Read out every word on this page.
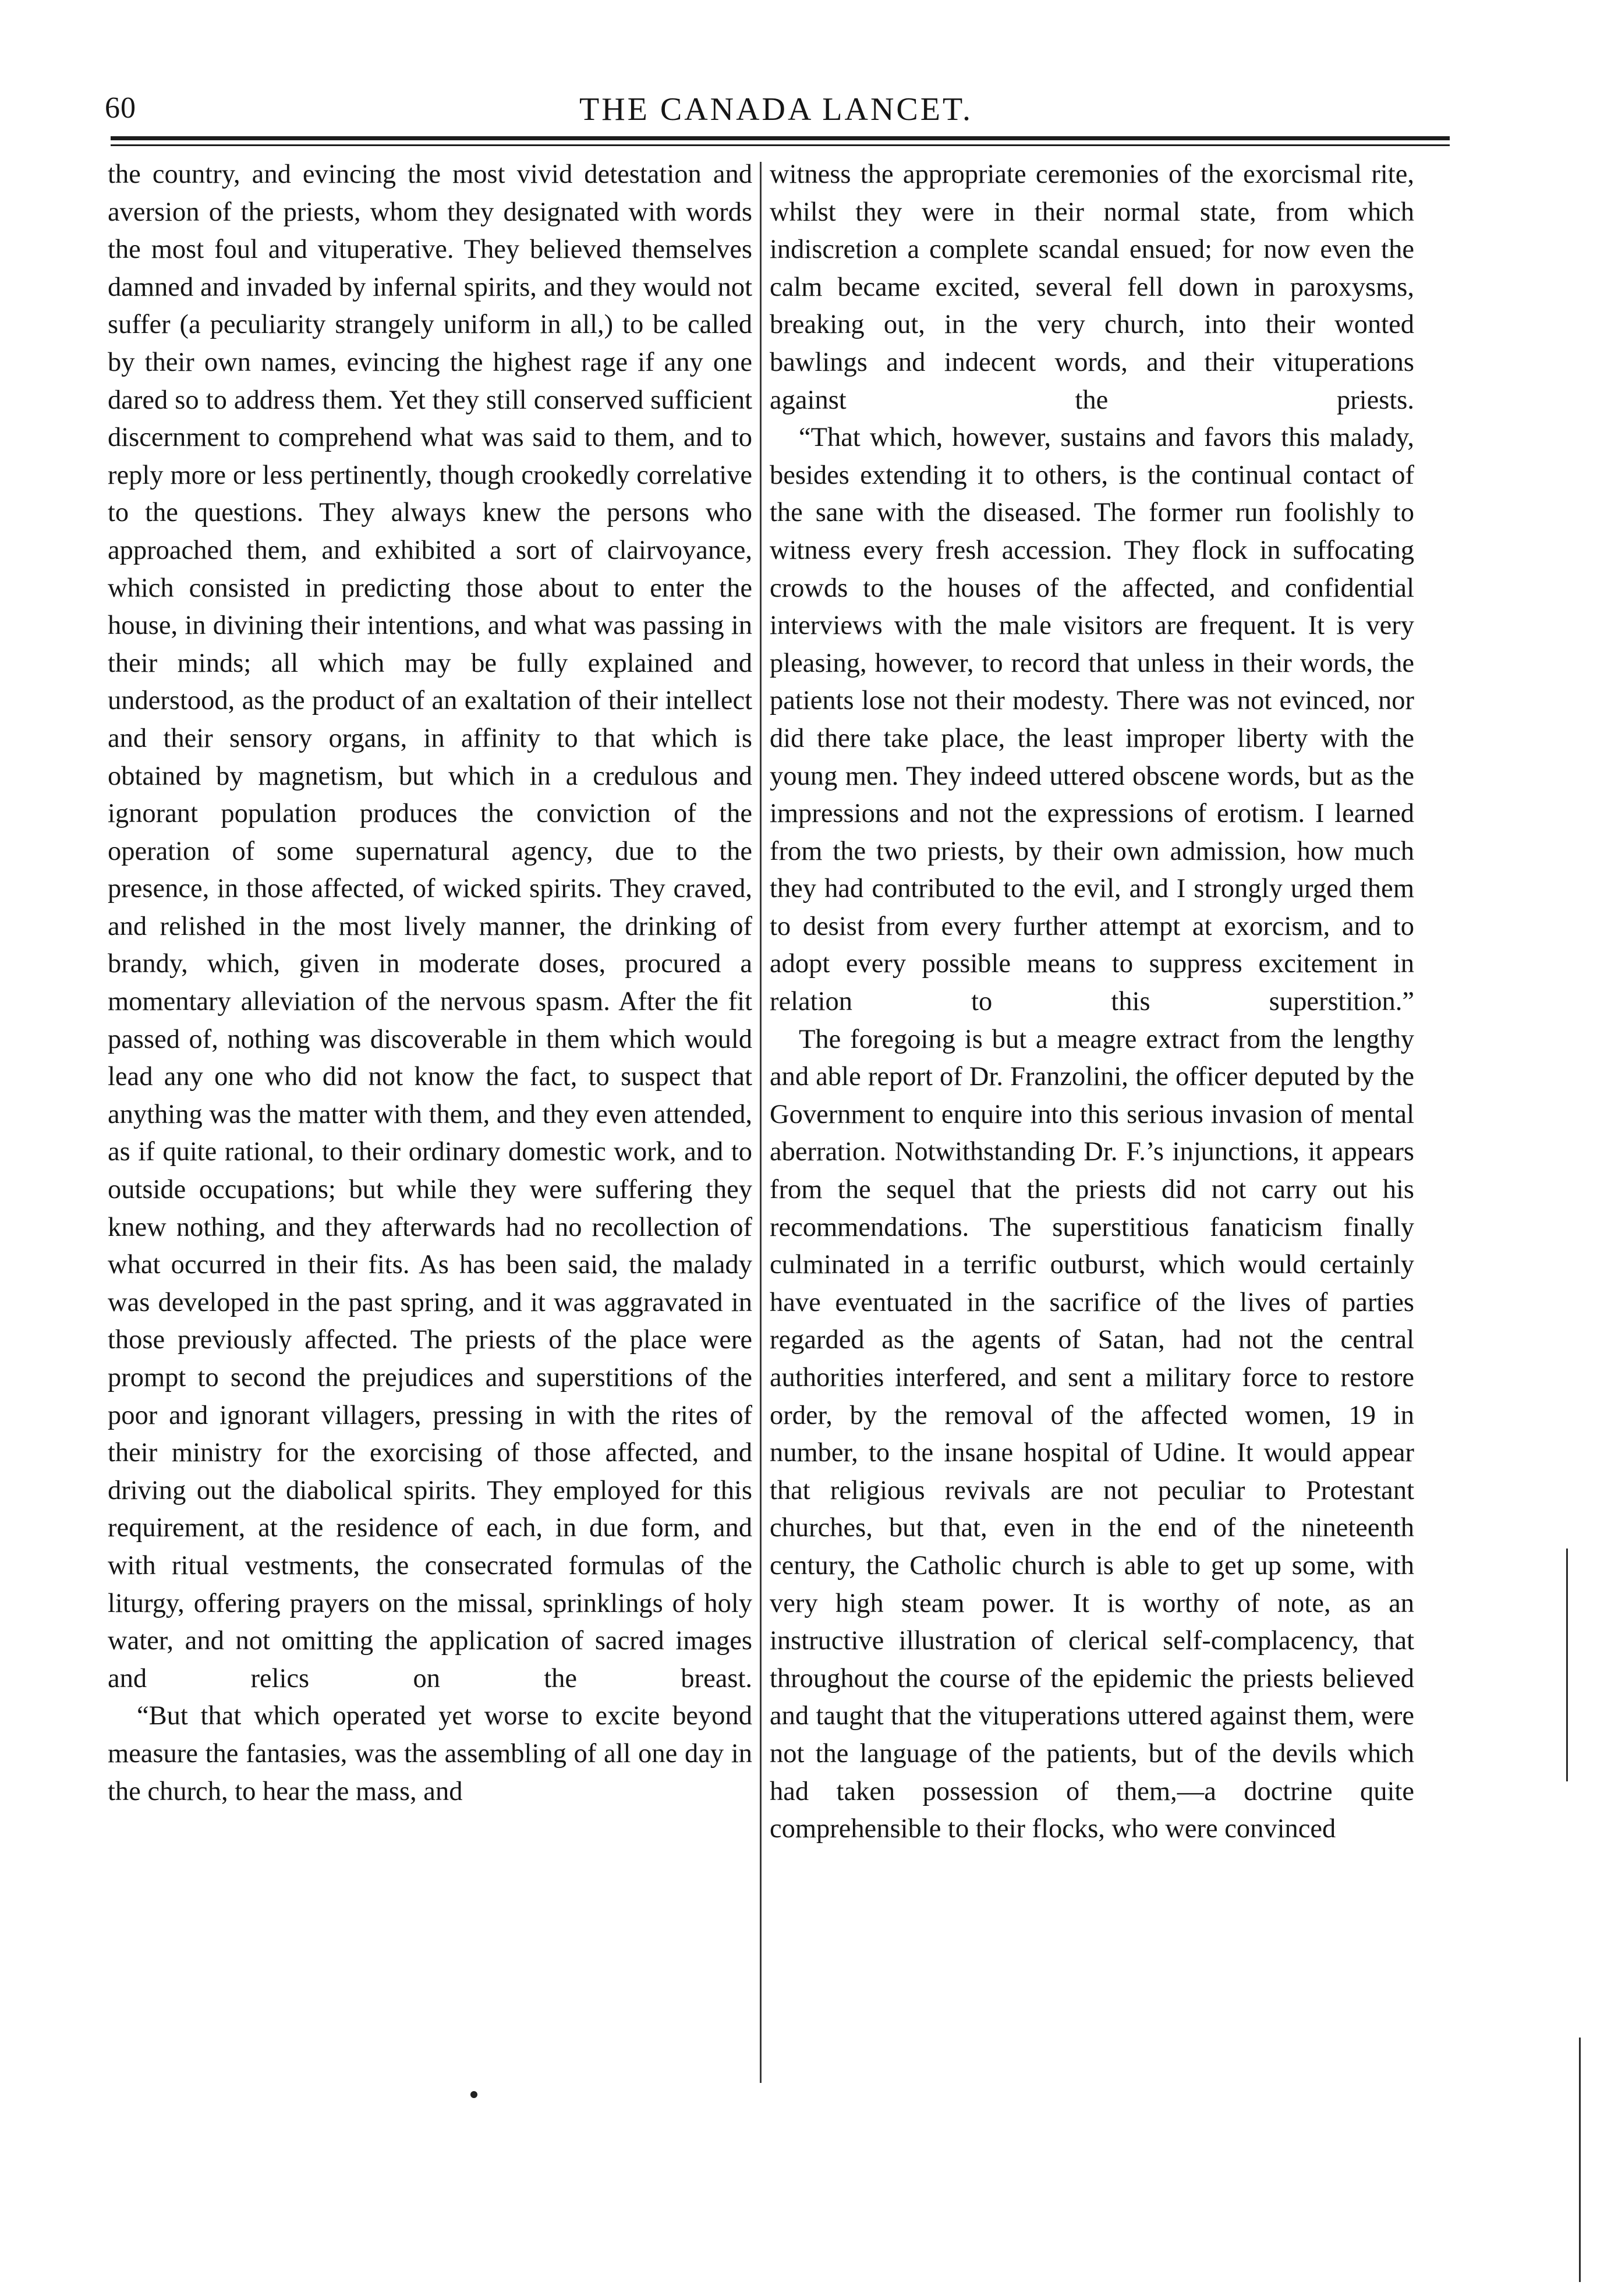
60	THE CANADA LANCET.

the country, and evincing the most vivid detestation and aversion of the priests, whom they designated with words the most foul and vituperative. They believed themselves damned and invaded by infernal spirits, and they would not suffer (a peculiarity strangely uniform in all,) to be called by their own names, evincing the highest rage if any one dared so to address them. Yet they still conserved sufficient discernment to comprehend what was said to them, and to reply more or less pertinently, though crookedly correlative to the questions. They always knew the persons who approached them, and exhibited a sort of clairvoyance, which consisted in predicting those about to enter the house, in divining their intentions, and what was passing in their minds; all which may be fully explained and understood, as the product of an exaltation of their intellect and their sensory organs, in affinity to that which is obtained by magnetism, but which in a credulous and ignorant population produces the conviction of the operation of some supernatural agency, due to the presence, in those affected, of wicked spirits. They craved, and relished in the most lively manner, the drinking of brandy, which, given in moderate doses, procured a momentary alleviation of the nervous spasm. After the fit passed of, nothing was discoverable in them which would lead any one who did not know the fact, to suspect that anything was the matter with them, and they even attended, as if quite rational, to their ordinary domestic work, and to outside occupations; but while they were suffering they knew nothing, and they afterwards had no recollection of what occurred in their fits. As has been said, the malady was developed in the past spring, and it was aggravated in those previously affected. The priests of the place were prompt to second the prejudices and superstitions of the poor and ignorant villagers, pressing in with the rites of their ministry for the exorcising of those affected, and driving out the diabolical spirits. They employed for this requirement, at the residence of each, in due form, and with ritual vestments, the consecrated formulas of the liturgy, offering prayers on the missal, sprinklings of holy water, and not omitting the application of sacred images and relics on the breast.

“But that which operated yet worse to excite beyond measure the fantasies, was the assembling of all one day in the church, to hear the mass, and

witness the appropriate ceremonies of the exorcismal rite, whilst they were in their normal state, from which indiscretion a complete scandal ensued; for now even the calm became excited, several fell down in paroxysms, breaking out, in the very church, into their wonted bawlings and indecent words, and their vituperations against the priests.

“That which, however, sustains and favors this malady, besides extending it to others, is the continual contact of the sane with the diseased. The former run foolishly to witness every fresh accession. They flock in suffocating crowds to the houses of the affected, and confidential interviews with the male visitors are frequent. It is very pleasing, however, to record that unless in their words, the patients lose not their modesty. There was not evinced, nor did there take place, the least improper liberty with the young men. They indeed uttered obscene words, but as the impressions and not the expressions of erotism. I learned from the two priests, by their own admission, how much they had contributed to the evil, and I strongly urged them to desist from every further attempt at exorcism, and to adopt every possible means to suppress excitement in relation to this superstition.”

The foregoing is but a meagre extract from the lengthy and able report of Dr. Franzolini, the officer deputed by the Government to enquire into this serious invasion of mental aberration. Notwithstanding Dr. F.’s injunctions, it appears from the sequel that the priests did not carry out his recommendations. The superstitious fanaticism finally culminated in a terrific outburst, which would certainly have eventuated in the sacrifice of the lives of parties regarded as the agents of Satan, had not the central authorities interfered, and sent a military force to restore order, by the removal of the affected women, 19 in number, to the insane hospital of Udine. It would appear that religious revivals are not peculiar to Protestant churches, but that, even in the end of the nineteenth century, the Catholic church is able to get up some, with very high steam power. It is worthy of note, as an instructive illustration of clerical self-complacency, that throughout the course of the epidemic the priests believed and taught that the vituperations uttered against them, were not the language of the patients, but of the devils which had taken possession of them,—a doctrine quite comprehensible to their flocks, who were convinced
